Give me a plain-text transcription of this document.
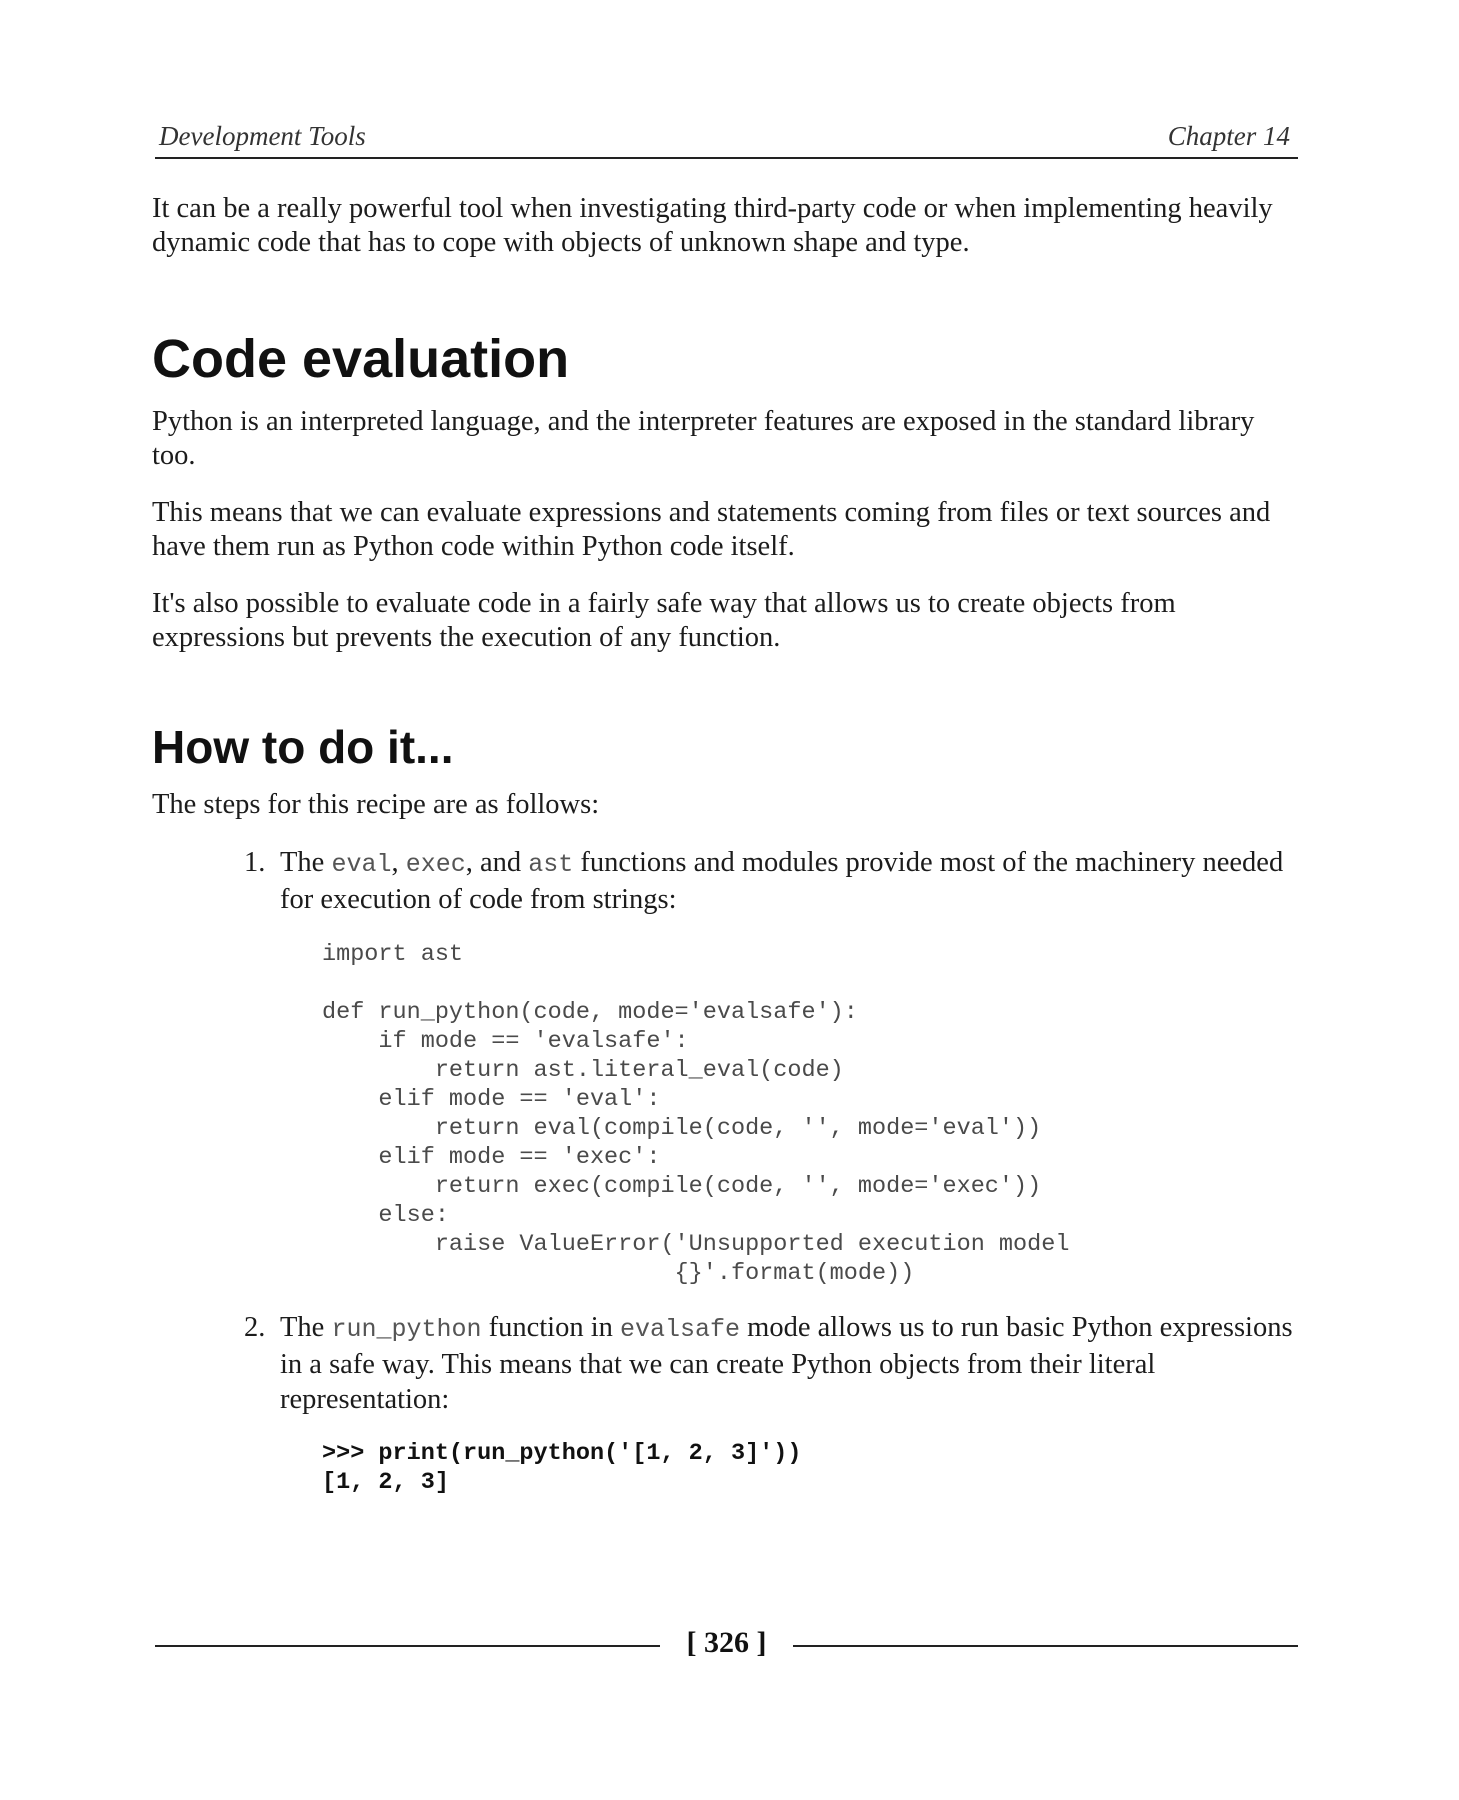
Development Tools	Chapter 14

It can be a really powerful tool when investigating third-party code or when implementing heavily dynamic code that has to cope with objects of unknown shape and type.

Code evaluation

Python is an interpreted language, and the interpreter features are exposed in the standard library too.

This means that we can evaluate expressions and statements coming from files or text sources and have them run as Python code within Python code itself.

It's also possible to evaluate code in a fairly safe way that allows us to create objects from expressions but prevents the execution of any function.

How to do it...

The steps for this recipe are as follows:

1. The eval, exec, and ast functions and modules provide most of the machinery needed for execution of code from strings:
import ast

def run_python(code, mode='evalsafe'):
if mode == 'evalsafe':
return ast.literal_eval(code)
elif mode == 'eval':
return eval(compile(code, '', mode='eval'))
elif mode == 'exec':
return exec(compile(code, '', mode='exec'))
else:
raise ValueError('Unsupported execution model
{}'.format(mode))
2. The run_python function in evalsafe mode allows us to run basic Python expressions in a safe way. This means that we can create Python objects from their literal representation:
>>> print(run_python('[1, 2, 3]'))
[1, 2, 3]
[ 326 ]
